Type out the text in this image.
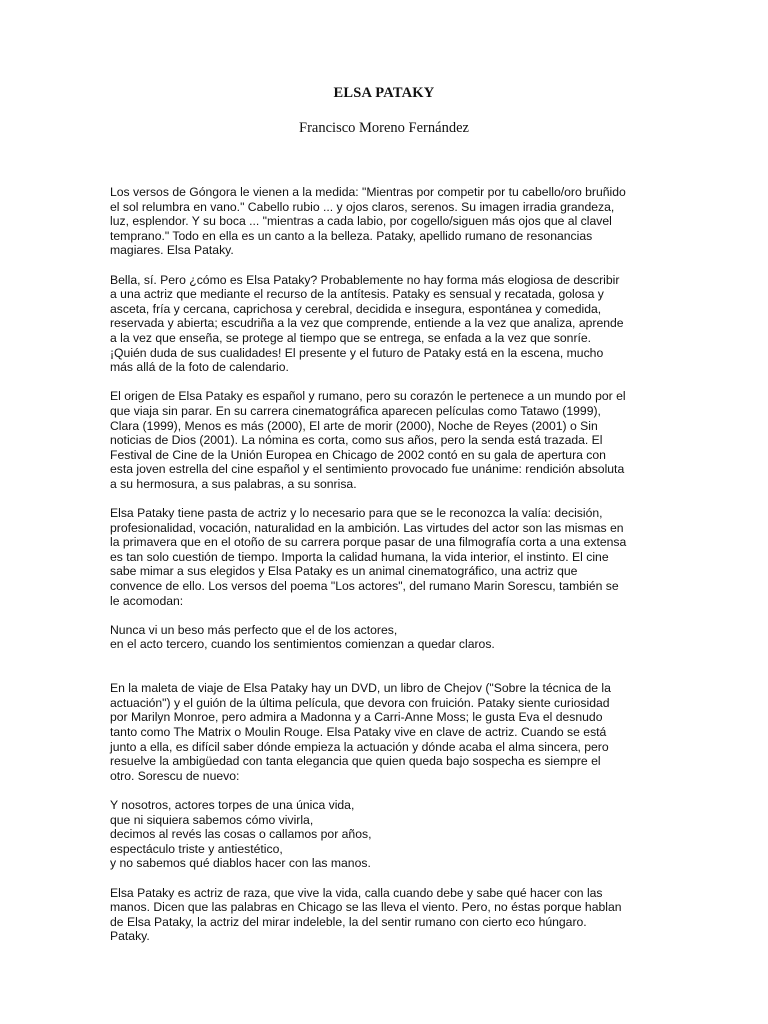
ELSA PATAKY
Francisco Moreno Fernández
Los versos de Góngora le vienen a la medida: "Mientras por competir por tu cabello/oro bruñido
el sol relumbra en vano." Cabello rubio ... y ojos claros, serenos. Su imagen irradia grandeza,
luz, esplendor. Y su boca ... "mientras a cada labio, por cogello/siguen más ojos que al clavel
temprano." Todo en ella es un canto a la belleza. Pataky, apellido rumano de resonancias
magiares. Elsa Pataky.
Bella, sí. Pero ¿cómo es Elsa Pataky? Probablemente no hay forma más elogiosa de describir
a una actriz que mediante el recurso de la antítesis. Pataky es sensual y recatada, golosa y
asceta, fría y cercana, caprichosa y cerebral, decidida e insegura, espontánea y comedida,
reservada y abierta; escudriña a la vez que comprende, entiende a la vez que analiza, aprende
a la vez que enseña, se protege al tiempo que se entrega, se enfada a la vez que sonríe.
¡Quién duda de sus cualidades! El presente y el futuro de Pataky está en la escena, mucho
más allá de la foto de calendario.
El origen de Elsa Pataky es español y rumano, pero su corazón le pertenece a un mundo por el
que viaja sin parar. En su carrera cinematográfica aparecen películas como Tatawo (1999),
Clara (1999), Menos es más (2000), El arte de morir (2000), Noche de Reyes (2001) o Sin
noticias de Dios (2001). La nómina es corta, como sus años, pero la senda está trazada. El
Festival de Cine de la Unión Europea en Chicago de 2002 contó en su gala de apertura con
esta joven estrella del cine español y el sentimiento provocado fue unánime: rendición absoluta
a su hermosura, a sus palabras, a su sonrisa.
Elsa Pataky tiene pasta de actriz y lo necesario para que se le reconozca la valía: decisión,
profesionalidad, vocación, naturalidad en la ambición. Las virtudes del actor son las mismas en
la primavera que en el otoño de su carrera porque pasar de una filmografía corta a una extensa
es tan solo cuestión de tiempo. Importa la calidad humana, la vida interior, el instinto. El cine
sabe mimar a sus elegidos y Elsa Pataky es un animal cinematográfico, una actriz que
convence de ello. Los versos del poema "Los actores", del rumano Marin Sorescu, también se
le acomodan:
Nunca vi un beso más perfecto que el de los actores,
en el acto tercero, cuando los sentimientos comienzan a quedar claros.
En la maleta de viaje de Elsa Pataky hay un DVD, un libro de Chejov ("Sobre la técnica de la
actuación") y el guión de la última película, que devora con fruición. Pataky siente curiosidad
por Marilyn Monroe, pero admira a Madonna y a Carri-Anne Moss; le gusta Eva el desnudo
tanto como The Matrix o Moulin Rouge. Elsa Pataky vive en clave de actriz. Cuando se está
junto a ella, es difícil saber dónde empieza la actuación y dónde acaba el alma sincera, pero
resuelve la ambigüedad con tanta elegancia que quien queda bajo sospecha es siempre el
otro. Sorescu de nuevo:
Y nosotros, actores torpes de una única vida,
que ni siquiera sabemos cómo vivirla,
decimos al revés las cosas o callamos por años,
espectáculo triste y antiestético,
y no sabemos qué diablos hacer con las manos.
Elsa Pataky es actriz de raza, que vive la vida, calla cuando debe y sabe qué hacer con las
manos. Dicen que las palabras en Chicago se las lleva el viento. Pero, no éstas porque hablan
de Elsa Pataky, la actriz del mirar indeleble, la del sentir rumano con cierto eco húngaro.
Pataky.
